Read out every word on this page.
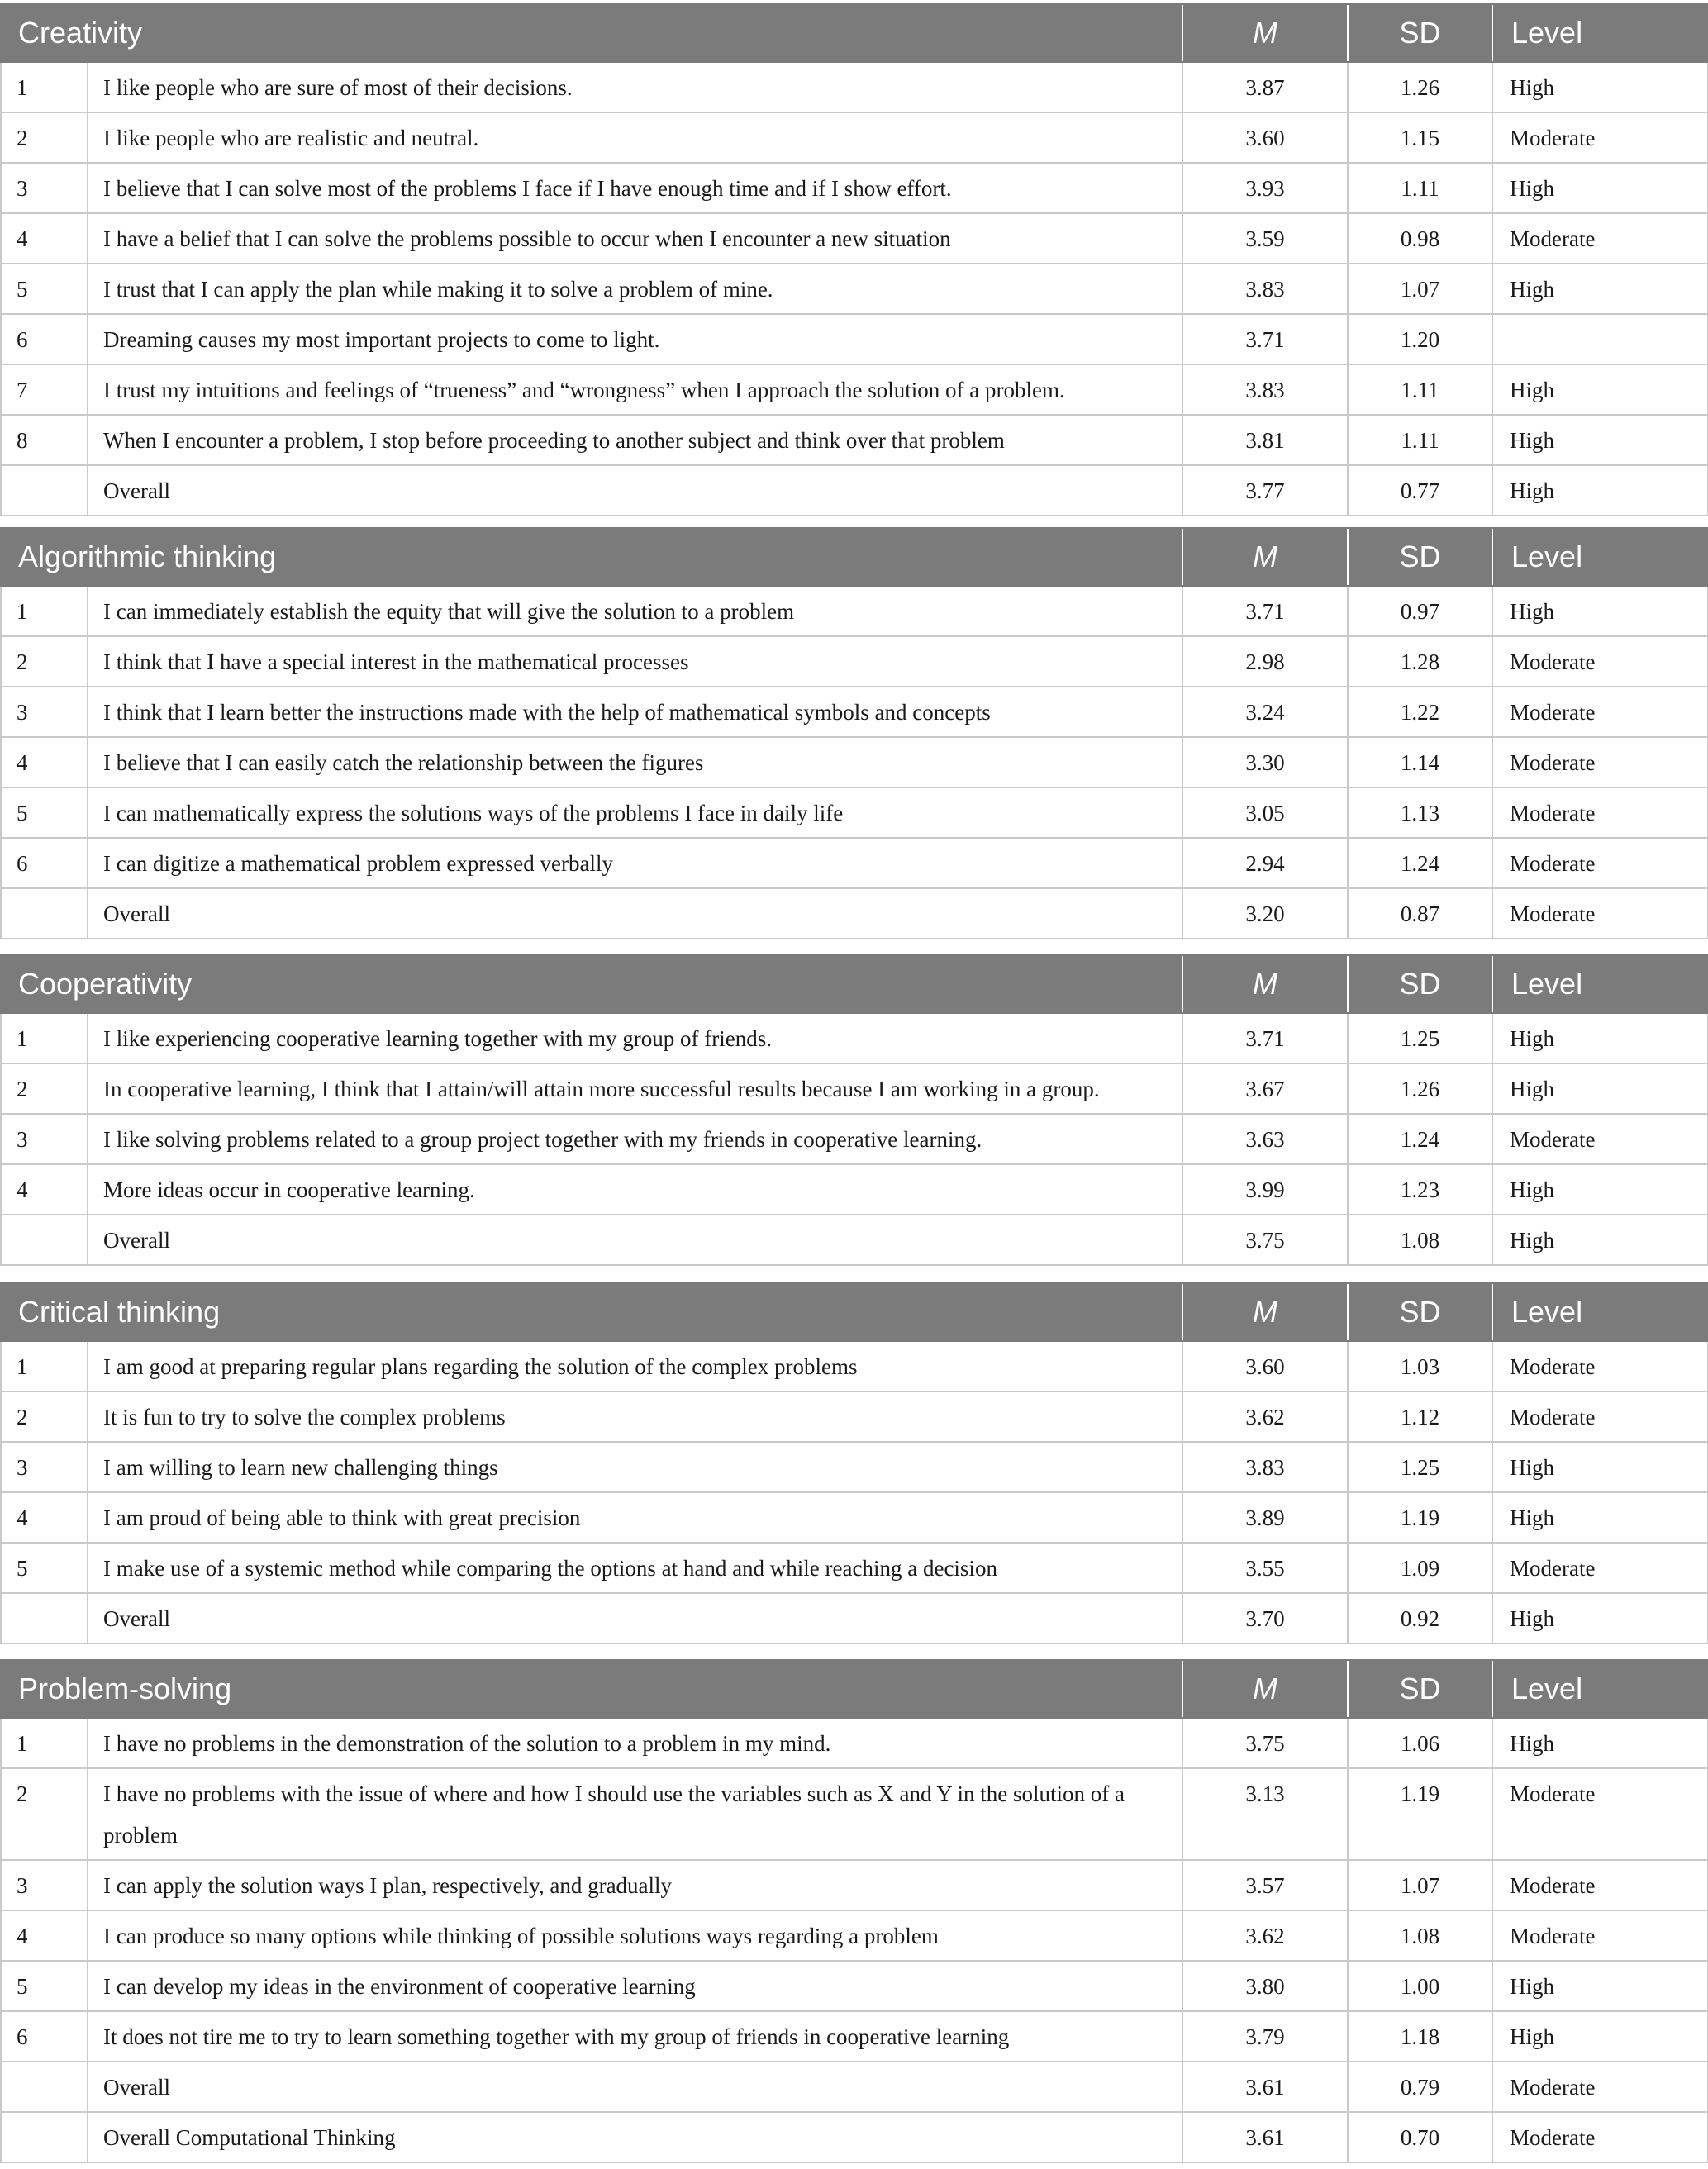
Creativity		M	SD	Level
1	I like people who are sure of most of their decisions.	3.87	1.26	High
2	I like people who are realistic and neutral.	3.60	1.15	Moderate
3	I believe that I can solve most of the problems I face if I have enough time and if I show effort.	3.93	1.11	High
4	I have a belief that I can solve the problems possible to occur when I encounter a new situation	3.59	0.98	Moderate
5	I trust that I can apply the plan while making it to solve a problem of mine.	3.83	1.07	High
6	Dreaming causes my most important projects to come to light.	3.71	1.20	
7	I trust my intuitions and feelings of “trueness” and “wrongness” when I approach the solution of a problem.	3.83	1.11	High
8	When I encounter a problem, I stop before proceeding to another subject and think over that problem	3.81	1.11	High
	Overall	3.77	0.77	High
Algorithmic thinking		M	SD	Level
1	I can immediately establish the equity that will give the solution to a problem	3.71	0.97	High
2	I think that I have a special interest in the mathematical processes	2.98	1.28	Moderate
3	I think that I learn better the instructions made with the help of mathematical symbols and concepts	3.24	1.22	Moderate
4	I believe that I can easily catch the relationship between the figures	3.30	1.14	Moderate
5	I can mathematically express the solutions ways of the problems I face in daily life	3.05	1.13	Moderate
6	I can digitize a mathematical problem expressed verbally	2.94	1.24	Moderate
	Overall	3.20	0.87	Moderate
Cooperativity		M	SD	Level
1	I like experiencing cooperative learning together with my group of friends.	3.71	1.25	High
2	In cooperative learning, I think that I attain/will attain more successful results because I am working in a group.	3.67	1.26	High
3	I like solving problems related to a group project together with my friends in cooperative learning.	3.63	1.24	Moderate
4	More ideas occur in cooperative learning.	3.99	1.23	High
	Overall	3.75	1.08	High
Critical thinking		M	SD	Level
1	I am good at preparing regular plans regarding the solution of the complex problems	3.60	1.03	Moderate
2	It is fun to try to solve the complex problems	3.62	1.12	Moderate
3	I am willing to learn new challenging things	3.83	1.25	High
4	I am proud of being able to think with great precision	3.89	1.19	High
5	I make use of a systemic method while comparing the options at hand and while reaching a decision	3.55	1.09	Moderate
	Overall	3.70	0.92	High
Problem-solving		M	SD	Level
1	I have no problems in the demonstration of the solution to a problem in my mind.	3.75	1.06	High
2	I have no problems with the issue of where and how I should use the variables such as X and Y in the solution of a problem	3.13	1.19	Moderate
3	I can apply the solution ways I plan, respectively, and gradually	3.57	1.07	Moderate
4	I can produce so many options while thinking of possible solutions ways regarding a problem	3.62	1.08	Moderate
5	I can develop my ideas in the environment of cooperative learning	3.80	1.00	High
6	It does not tire me to try to learn something together with my group of friends in cooperative learning	3.79	1.18	High
	Overall	3.61	0.79	Moderate
	Overall Computational Thinking	3.61	0.70	Moderate
